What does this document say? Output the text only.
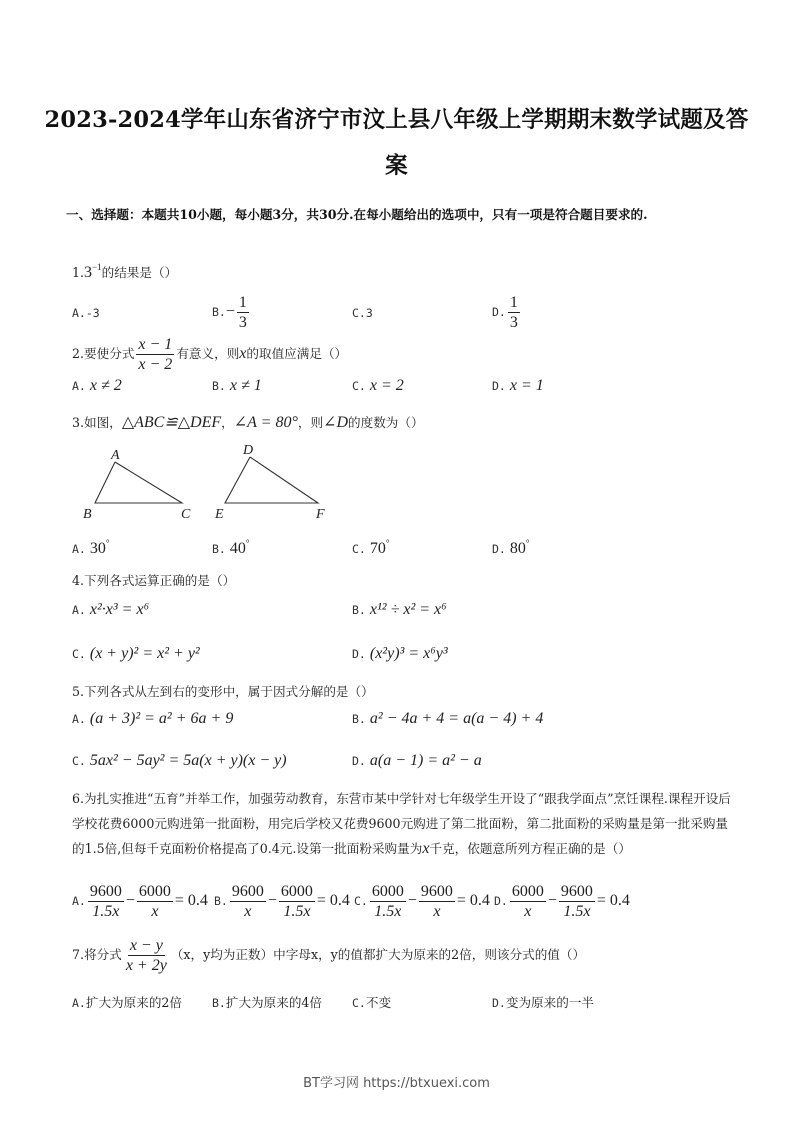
2023-2024学年山东省济宁市汶上县八年级上学期期末数学试题及答
案
一、选择题：本题共10小题，每小题3分，共30分.在每小题给出的选项中，只有一项是符合题目要求的.
$1.3^{-1}$的结果是（）
A.-3	$B.- \frac{1}{3}$	C.3	D. $\frac{1}{3}$
2.要使分式 $\frac{x - 1}{x - 2}$ 有意义，则x的取值应满足（）
A. x ≠ 2	B. x ≠ 1	C. x = 2	D. x = 1
3.如图，△ABC≌△DEF，∠A = 80°，则∠D的度数为（）
A
B	C
D
E	F
A. 30°	B. 40°	C. 70°	D. 80°
4.下列各式运算正确的是（）
A. x²·x³ = x⁶	B. x¹² ÷ x² = x⁶
C. (x + y)² = x² + y²	D. (x²y)³ = x⁶y³
5.下列各式从左到右的变形中，属于因式分解的是（）
A. (a + 3)² = a² + 6a + 9	B. a² − 4a + 4 = a(a − 4) + 4
C. 5ax² − 5ay² = 5a(x + y)(x − y)	D. a(a − 1) = a² − a
6.为扎实推进“五育”并举工作，加强劳动教育，东营市某中学针对七年级学生开设了“跟我学面点”烹饪课程.课程开设后学校花费6000元购进第一批面粉，用完后学校又花费9600元购进了第二批面粉，第二批面粉的采购量是第一批采购量的1.5倍,但每千克面粉价格提高了0.4元.设第一批面粉采购量为x千克，依题意所列方程正确的是（）
A. $\frac{9600}{1.5x} - \frac{6000}{x} = 0.4$ B. $\frac{9600}{x} - \frac{6000}{1.5x} = 0.4$ C. $\frac{6000}{1.5x} - \frac{9600}{x} = 0.4$ D. $\frac{6000}{x} - \frac{9600}{1.5x} = 0.4$
7.将分式 $\frac{x - y}{x + 2y} (x$，y均为正数）中字母x，y的值都扩大为原来的2倍，则该分式的值（）
A.扩大为原来的2倍	B.扩大为原来的4倍	C.不变	D.变为原来的一半
BT学习网 https://btxuexi.com
